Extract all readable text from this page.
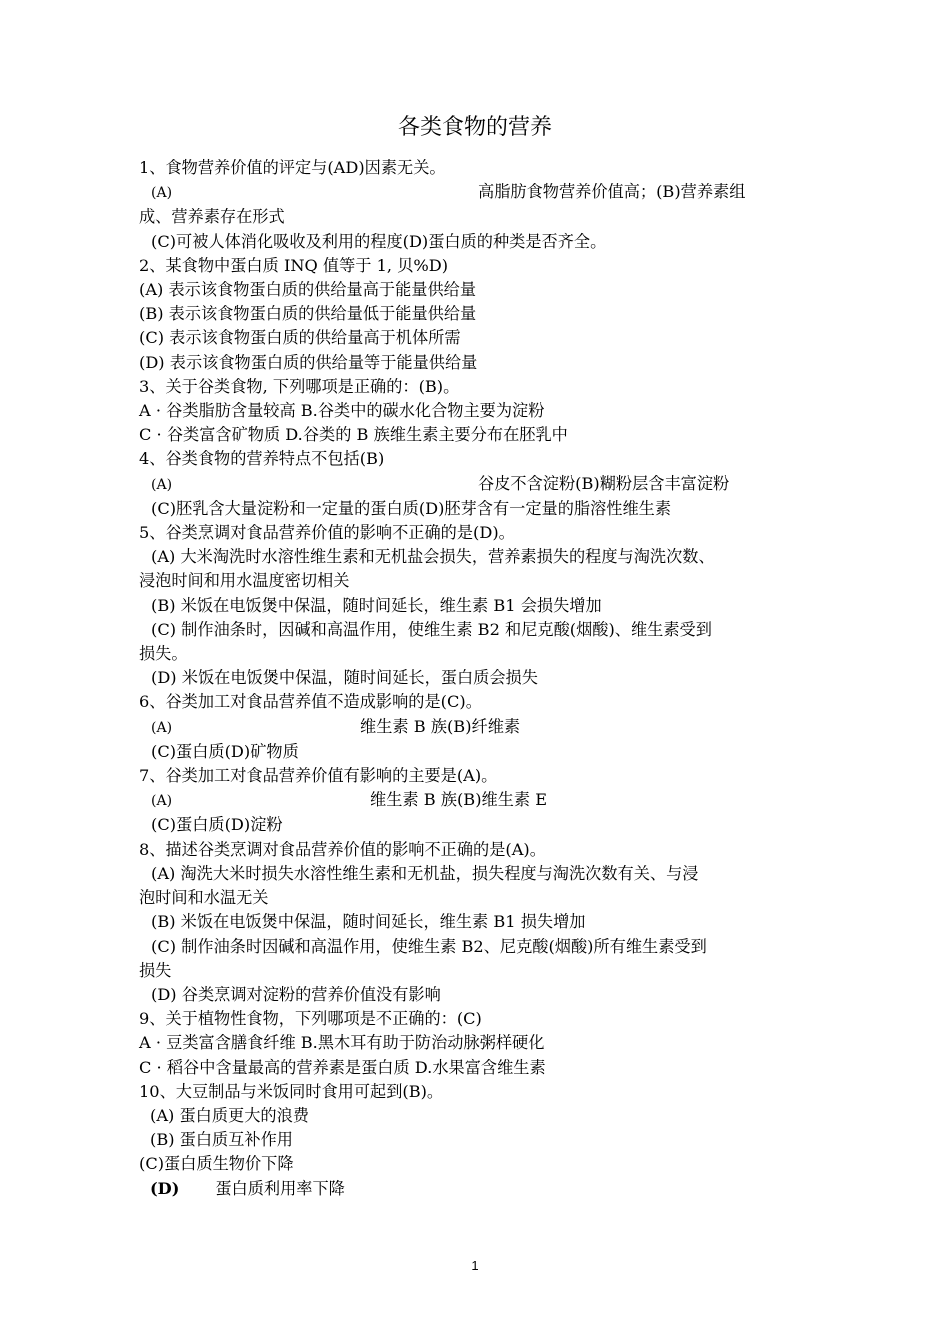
各类食物的营养
1、食物营养价值的评定与(AD)因素无关。
(A)	高脂肪食物营养价值高；(B)营养素组
成、营养素存在形式
(C)可被人体消化吸收及利用的程度(D)蛋白质的种类是否齐全。
2、某食物中蛋白质 INQ 值等于 1, 贝%D)
(A) 表示该食物蛋白质的供给量高于能量供给量
(B) 表示该食物蛋白质的供给量低于能量供给量
(C) 表示该食物蛋白质的供给量高于机体所需
(D) 表示该食物蛋白质的供给量等于能量供给量
3、关于谷类食物, 下列哪项是正确的：(B)。
A · 谷类脂肪含量较高 B.谷类中的碳水化合物主要为淀粉
C · 谷类富含矿物质 D.谷类的 B 族维生素主要分布在胚乳中
4、谷类食物的营养特点不包括(B)
(A)	谷皮不含淀粉(B)糊粉层含丰富淀粉
(C)胚乳含大量淀粉和一定量的蛋白质(D)胚芽含有一定量的脂溶性维生素
5、谷类烹调对食品营养价值的影响不正确的是(D)。
(A) 大米淘洗时水溶性维生素和无机盐会损失，营养素损失的程度与淘洗次数、
浸泡时间和用水温度密切相关
(B) 米饭在电饭煲中保温，随时间延长，维生素 B1 会损失增加
(C) 制作油条时，因碱和高温作用，使维生素 B2 和尼克酸(烟酸)、维生素受到
损失。
(D) 米饭在电饭煲中保温，随时间延长，蛋白质会损失
6、谷类加工对食品营养值不造成影响的是(C)。
(A)	维生素 B 族(B)纤维素
(C)蛋白质(D)矿物质
7、谷类加工对食品营养价值有影响的主要是(A)。
(A)	维生素 B 族(B)维生素 E
(C)蛋白质(D)淀粉
8、描述谷类烹调对食品营养价值的影响不正确的是(A)。
(A) 淘洗大米时损失水溶性维生素和无机盐，损失程度与淘洗次数有关、与浸
泡时间和水温无关
(B) 米饭在电饭煲中保温，随时间延长，维生素 B1 损失增加
(C) 制作油条时因碱和高温作用，使维生素 B2、尼克酸(烟酸)所有维生素受到
损失
(D) 谷类烹调对淀粉的营养价值没有影响
9、关于植物性食物，下列哪项是不正确的：(C)
A · 豆类富含膳食纤维 B.黑木耳有助于防治动脉粥样硬化
C · 稻谷中含量最高的营养素是蛋白质 D.水果富含维生素
10、大豆制品与米饭同时食用可起到(B)。
(A) 蛋白质更大的浪费
(B) 蛋白质互补作用
(C)蛋白质生物价下降
(D) 蛋白质利用率下降
1
